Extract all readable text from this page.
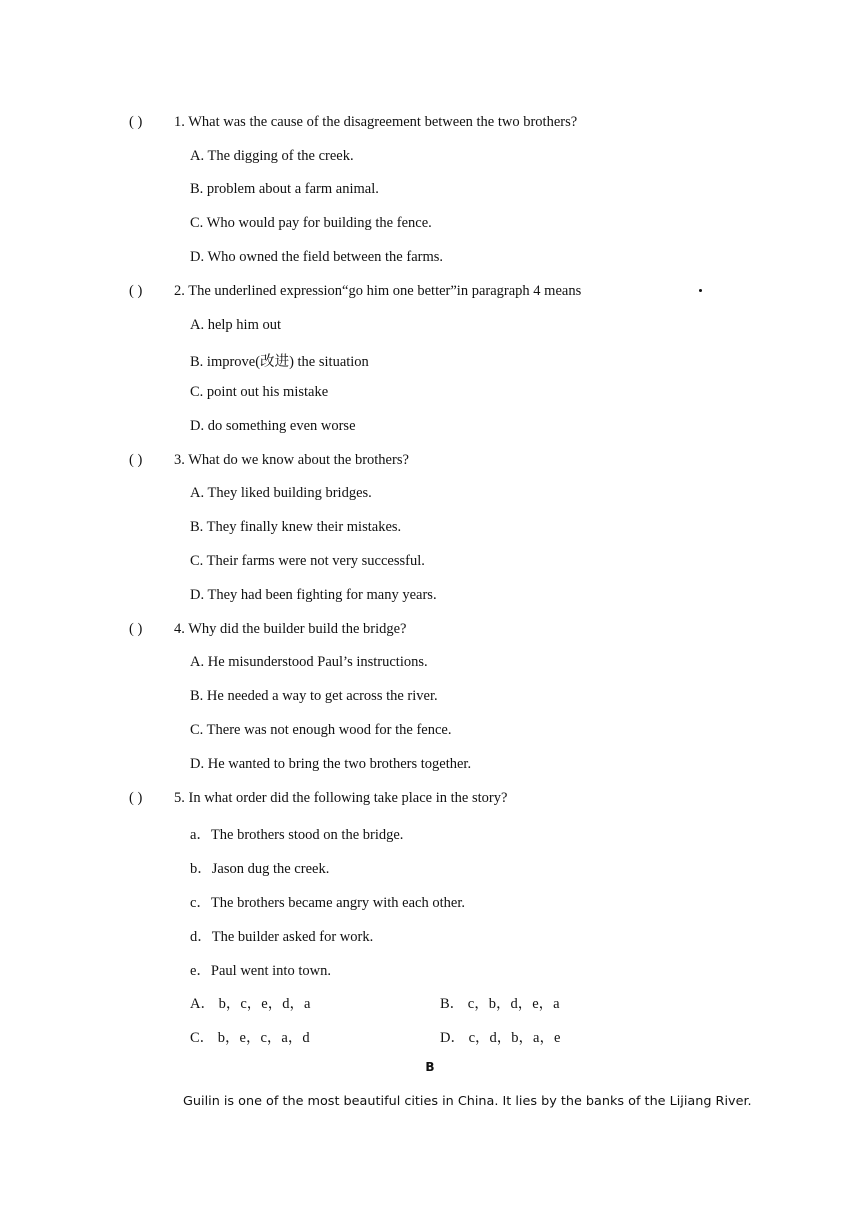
( ) 1. What was the cause of the disagreement between the two brothers?
A. The digging of the creek.
B. problem about a farm animal.
C. Who would pay for building the fence.
D. Who owned the field between the farms.
( ) 2. The underlined expression“go him one better”in paragraph 4 means
A. help him out
B. improve(改进) the situation
C. point out his mistake
D. do something even worse
( ) 3. What do we know about the brothers?
A. They liked building bridges.
B. They finally knew their mistakes.
C. Their farms were not very successful.
D. They had been fighting for many years.
( ) 4. Why did the builder build the bridge?
A. He misunderstood Paul’s instructions.
B. He needed a way to get across the river.
C. There was not enough wood for the fence.
D. He wanted to bring the two brothers together.
( ) 5. In what order did the following take place in the story?
a．The brothers stood on the bridge.
b．Jason dug the creek.
c．The brothers became angry with each other.
d．The builder asked for work.
e．Paul went into town.
A． b，c，e，d，a	B． c，b，d，e，a
C． b，e，c，a，d	D． c，d，b，a，e
B
Guilin is one of the most beautiful cities in China. It lies by the banks of the Lijiang River.
